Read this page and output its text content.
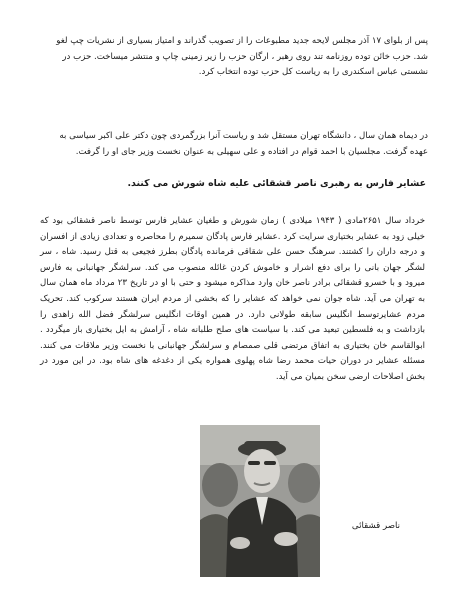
پس از بلوای ۱۷ آذر مجلس لایحه جدید مطبوعات را از تصویب گذراند و امتیاز بسیاری از نشریات چپ لغو شد. حزب خائن توده روزنامه تند روی رهبر ، ارگان حزب را زیر زمینی چاپ و منتشر میساخت. حزب در نشستی عباس اسکندری را به ریاست کل حزب توده انتخاب کرد.

در دیماه همان سال ، دانشگاه تهران مستقل شد و ریاست آنرا بزرگمردی چون دکتر علی اکبر سیاسی به عهده گرفت. مجلسیان با احمد قوام در افتاده و علی سهیلی به عنوان نخست وزیر جای او را گرفت.

عشایر فارس به رهبری ناصر قشقائی علیه شاه شورش می کنند.

خرداد سال ۲۶۵۱مادی ( ۱۹۴۳ میلادی ) زمان شورش و طغیان عشایر فارس توسط ناصر قشقائی بود که خیلی زود به عشایر بختیاری سرایت کرد .عشایر فارس پادگان سمیرم را محاصره و تعدادی زیادی از افسران و درجه داران را کشتند. سرهنگ حسن علی شقاقی فرمانده پادگان بطرز فجیعی به قتل رسید. شاه ، سر لشگر جهان بانی را برای دفع اشرار و خاموش کردن غائله منصوب می کند. سرلشگر جهانبانی به فارس میرود و با خسرو قشقائی برادر ناصر خان وارد مذاکره میشود و حتی با او در تاریخ ۲۳ مرداد ماه همان سال به تهران می آید. شاه جوان نمی خواهد که عشایر را که بخشی از مردم ایران هستند سرکوب کند. تحریک مردم عشایرتوسط انگلیس سابقه طولانی دارد. در همین اوقات انگلیس سرلشگر فضل الله زاهدی را بازداشت و به فلسطین تبعید می کند. با سیاست های صلح طلبانه شاه ، آرامش به ایل بختیاری باز میگردد . ابوالقاسم خان بختیاری به اتفاق مرتضی قلی صمصام و سرلشگر جهانبانی با نخست وزیر ملاقات می کنند. مسئله عشایر در دوران حیات محمد رضا شاه پهلوی همواره یکی از دغدغه های شاه بود. در این مورد در بخش اصلاحات ارضی سخن بمیان می آید.

ناصر قشقائی
